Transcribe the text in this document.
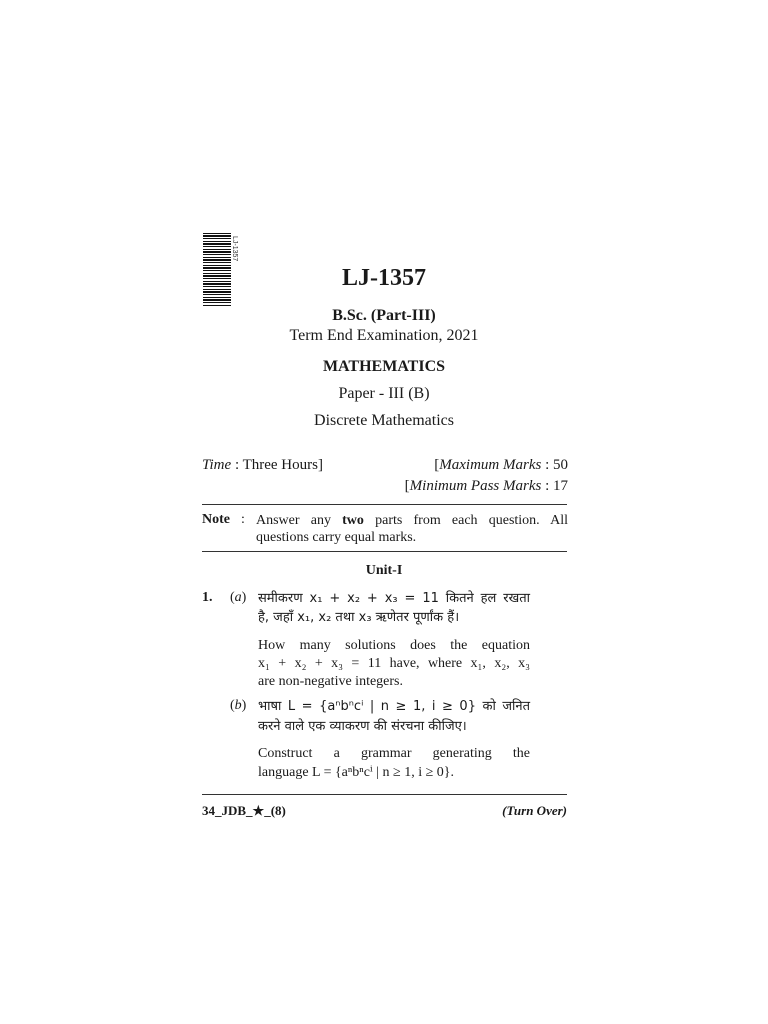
LJ-1357
LJ-1357
B.Sc. (Part-III)
Term End Examination, 2021
MATHEMATICS
Paper - III (B)
Discrete Mathematics
Time : Three Hours]	[Maximum Marks : 50
[Minimum Pass Marks : 17
Note : Answer any two parts from each question. All questions carry equal marks.
Unit-I
1. (a) समीकरण x₁ + x₂ + x₃ = 11 कितने हल रखता
है, जहाँ x₁, x₂ तथा x₃ ऋणेतर पूर्णांक हैं।
How many solutions does the equation
x₁ + x₂ + x₃ = 11 have, where x₁, x₂, x₃
are non-negative integers.
(b) भाषा L = {aⁿbⁿcⁱ | n ≥ 1, i ≥ 0} को जनित
करने वाले एक व्याकरण की संरचना कीजिए।
Construct a grammar generating the
language L = {aⁿbⁿcⁱ | n ≥ 1, i ≥ 0}.
34_JDB_★_(8)	(Turn Over)
